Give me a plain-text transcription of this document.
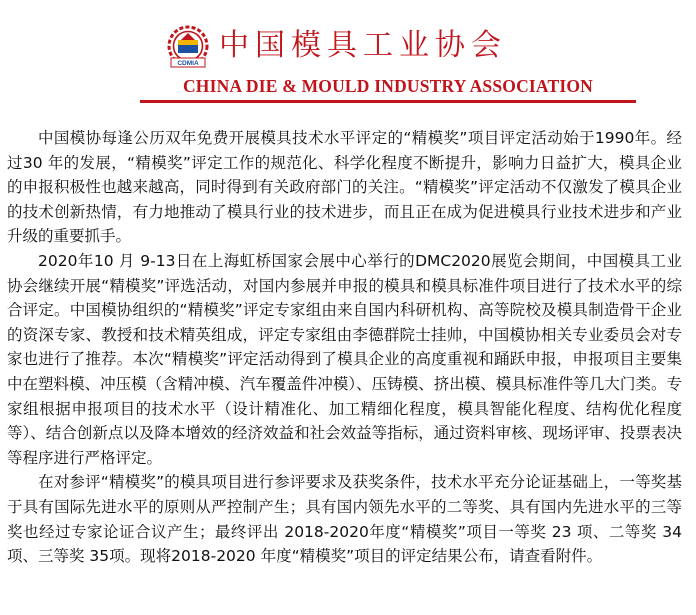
CDMIA
中国模具工业协会
CHINA DIE & MOULD INDUSTRY ASSOCIATION

中国模协每逢公历双年免费开展模具技术水平评定的“精模奖”项目评定活动始于1990年。经过30 年的发展，“精模奖”评定工作的规范化、科学化程度不断提升，影响力日益扩大，模具企业的申报积极性也越来越高，同时得到有关政府部门的关注。“精模奖”评定活动不仅激发了模具企业的技术创新热情，有力地推动了模具行业的技术进步，而且正在成为促进模具行业技术进步和产业升级的重要抓手。

2020年10 月 9-13日在上海虹桥国家会展中心举行的DMC2020展览会期间，中国模具工业协会继续开展“精模奖”评选活动，对国内参展并申报的模具和模具标准件项目进行了技术水平的综合评定。中国模协组织的“精模奖”评定专家组由来自国内科研机构、高等院校及模具制造骨干企业的资深专家、教授和技术精英组成，评定专家组由李德群院士挂帅，中国模协相关专业委员会对专家也进行了推荐。本次“精模奖”评定活动得到了模具企业的高度重视和踊跃申报，申报项目主要集中在塑料模、冲压模（含精冲模、汽车覆盖件冲模）、压铸模、挤出模、模具标准件等几大门类。专家组根据申报项目的技术水平（设计精准化、加工精细化程度，模具智能化程度、结构优化程度等）、结合创新点以及降本增效的经济效益和社会效益等指标，通过资料审核、现场评审、投票表决等程序进行严格评定。

在对参评“精模奖”的模具项目进行参评要求及获奖条件，技术水平充分论证基础上，一等奖基于具有国际先进水平的原则从严控制产生；具有国内领先水平的二等奖、具有国内先进水平的三等奖也经过专家论证合议产生；最终评出 2018-2020年度“精模奖”项目一等奖 23 项、二等奖 34项、三等奖 35项。现将2018-2020 年度“精模奖”项目的评定结果公布，请查看附件。
